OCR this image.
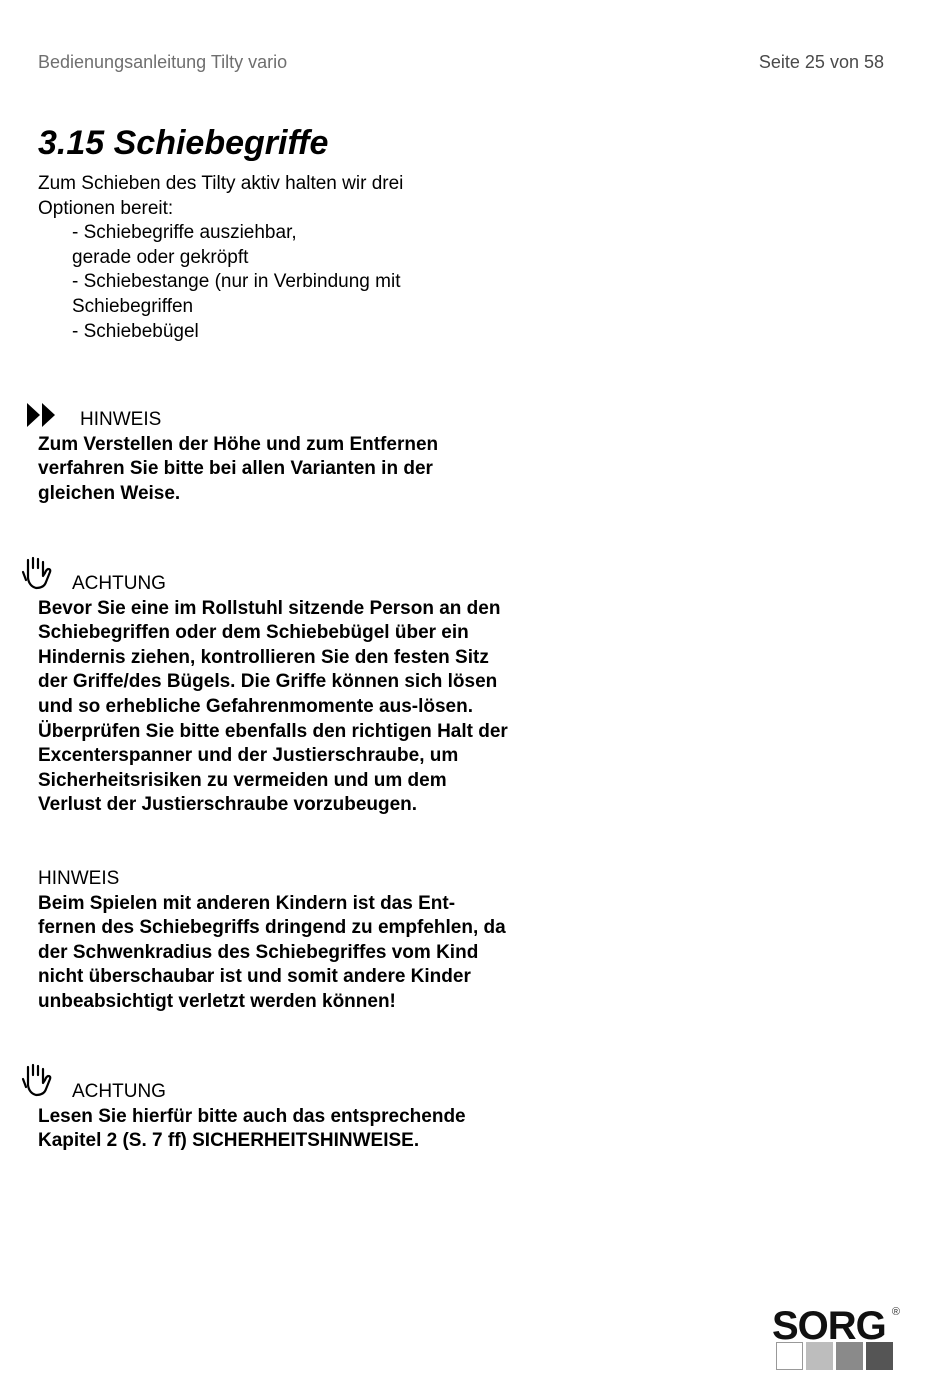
Bedienungsanleitung Tilty vario	Seite 25 von 58
3.15 Schiebegriffe
Zum Schieben des Tilty aktiv halten wir drei
Optionen bereit:
- Schiebegriffe ausziehbar,
gerade oder gekröpft
- Schiebestange (nur in Verbindung mit
Schiebegriffen
- Schiebebügel
HINWEIS
Zum Verstellen der Höhe und zum Entfernen verfahren Sie bitte bei allen Varianten in der gleichen Weise.
ACHTUNG
Bevor Sie eine im Rollstuhl sitzende Person an den Schiebegriffen oder dem Schiebebügel über ein Hindernis ziehen, kontrollieren Sie den festen Sitz der Griffe/des Bügels. Die Griffe können sich lösen und so erhebliche Gefahrenmomente aus-lösen. Überprüfen Sie bitte ebenfalls den richtigen Halt der Excenterspanner und der Justierschraube, um Sicherheitsrisiken zu vermeiden und um dem Verlust der Justierschraube vorzubeugen.
HINWEIS
Beim Spielen mit anderen Kindern ist das Ent-fernen des Schiebegriffs dringend zu empfehlen, da der Schwenkradius des Schiebegriffes vom Kind nicht überschaubar ist und somit andere Kinder unbeabsichtigt verletzt werden können!
ACHTUNG
Lesen Sie hierfür bitte auch das entsprechende Kapitel 2 (S. 7 ff) SICHERHEITSHINWEISE.
SORG ®
